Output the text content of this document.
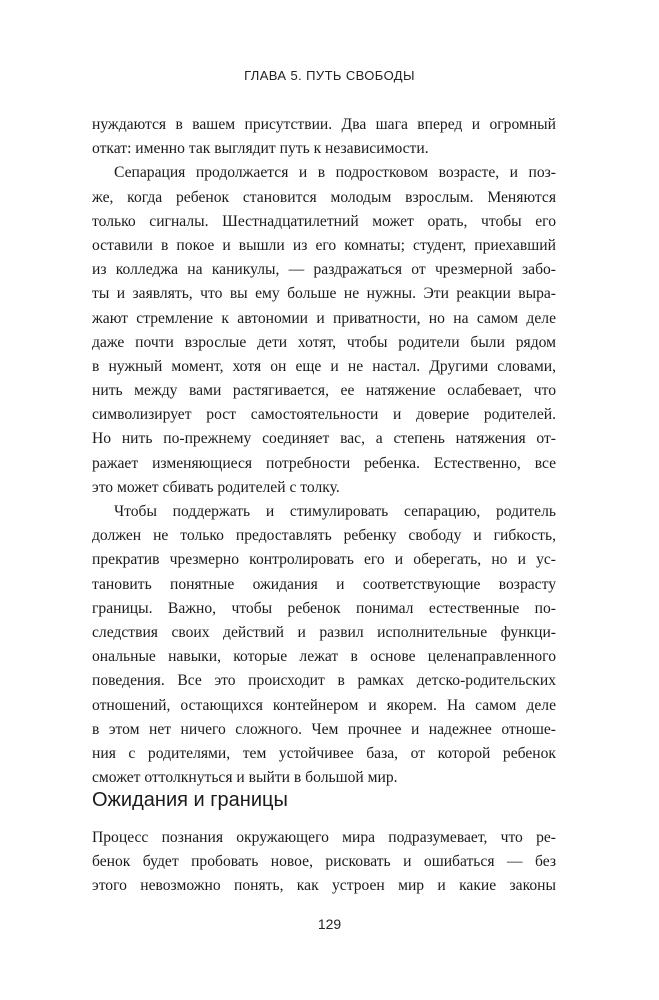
ГЛАВА 5. ПУТЬ СВОБОДЫ
нуждаются в вашем присутствии. Два шага вперед и огромный
откат: именно так выглядит путь к независимости.
Сепарация продолжается и в подростковом возрасте, и поз-
же, когда ребенок становится молодым взрослым. Меняются
только сигналы. Шестнадцатилетний может орать, чтобы его
оставили в покое и вышли из его комнаты; студент, приехавший
из колледжа на каникулы, — раздражаться от чрезмерной забо-
ты и заявлять, что вы ему больше не нужны. Эти реакции выра-
жают стремление к автономии и приватности, но на самом деле
даже почти взрослые дети хотят, чтобы родители были рядом
в нужный момент, хотя он еще и не настал. Другими словами,
нить между вами растягивается, ее натяжение ослабевает, что
символизирует рост самостоятельности и доверие родителей.
Но нить по-прежнему соединяет вас, а степень натяжения от-
ражает изменяющиеся потребности ребенка. Естественно, все
это может сбивать родителей с толку.
Чтобы поддержать и стимулировать сепарацию, родитель
должен не только предоставлять ребенку свободу и гибкость,
прекратив чрезмерно контролировать его и оберегать, но и ус-
тановить понятные ожидания и соответствующие возрасту
границы. Важно, чтобы ребенок понимал естественные по-
следствия своих действий и развил исполнительные функци-
ональные навыки, которые лежат в основе целенаправленного
поведения. Все это происходит в рамках детско-родительских
отношений, остающихся контейнером и якорем. На самом деле
в этом нет ничего сложного. Чем прочнее и надежнее отноше-
ния с родителями, тем устойчивее база, от которой ребенок
сможет оттолкнуться и выйти в большой мир.
Ожидания и границы
Процесс познания окружающего мира подразумевает, что ре-
бенок будет пробовать новое, рисковать и ошибаться — без
этого невозможно понять, как устроен мир и какие законы
129
